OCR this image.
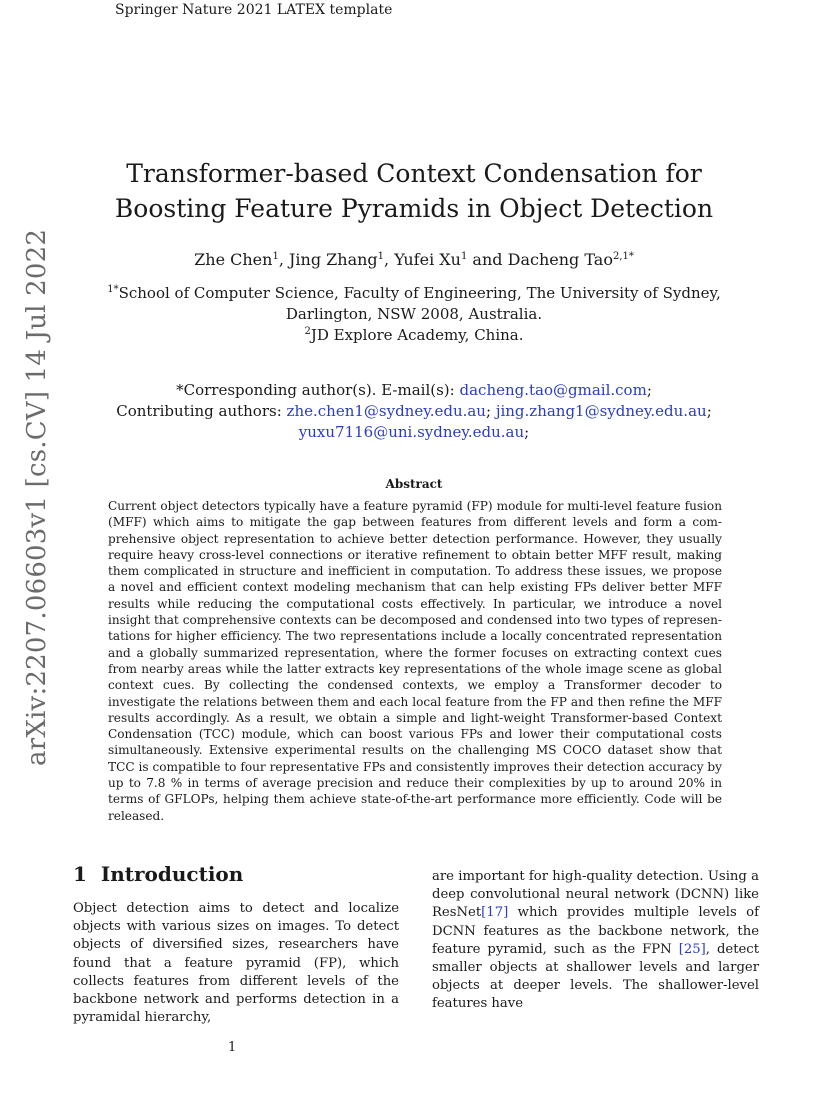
Springer Nature 2021 LATEX template
arXiv:2207.06603v1 [cs.CV] 14 Jul 2022
Transformer-based Context Condensation for Boosting Feature Pyramids in Object Detection
Zhe Chen$^1$, Jing Zhang$^1$, Yufei Xu$^1$ and Dacheng Tao$^{2,1*}$
$^{1*}$School of Computer Science, Faculty of Engineering, The University of Sydney,
Darlington, NSW 2008, Australia.
$^2$JD Explore Academy, China.
*Corresponding author(s). E-mail(s): dacheng.tao@gmail.com;
Contributing authors: zhe.chen1@sydney.edu.au; jing.zhang1@sydney.edu.au;
yuxu7116@uni.sydney.edu.au;
Abstract
Current object detectors typically have a feature pyramid (FP) module for multi-level feature fusion (MFF) which aims to mitigate the gap between features from different levels and form a comprehensive object representation to achieve better detection performance. However, they usually require heavy cross-level connections or iterative refinement to obtain better MFF result, making them complicated in structure and inefficient in computation. To address these issues, we propose a novel and efficient context modeling mechanism that can help existing FPs deliver better MFF results while reducing the computational costs effectively. In particular, we introduce a novel insight that comprehensive contexts can be decomposed and condensed into two types of representations for higher efficiency. The two representations include a locally concentrated representation and a globally summarized representation, where the former focuses on extracting context cues from nearby areas while the latter extracts key representations of the whole image scene as global context cues. By collecting the condensed contexts, we employ a Transformer decoder to investigate the relations between them and each local feature from the FP and then refine the MFF results accordingly. As a result, we obtain a simple and light-weight Transformer-based Context Condensation (TCC) module, which can boost various FPs and lower their computational costs simultaneously. Extensive experimental results on the challenging MS COCO dataset show that TCC is compatible to four representative FPs and consistently improves their detection accuracy by up to 7.8 % in terms of average precision and reduce their complexities by up to around 20% in terms of GFLOPs, helping them achieve state-of-the-art performance more efficiently. Code will be released.
1 Introduction
Object detection aims to detect and localize objects with various sizes on images. To detect objects of diversified sizes, researchers have found that a feature pyramid (FP), which collects features from different levels of the backbone network and performs detection in a pyramidal hierarchy,
are important for high-quality detection. Using a deep convolutional neural network (DCNN) like ResNet[17] which provides multiple levels of DCNN features as the backbone network, the feature pyramid, such as the FPN [25], detect smaller objects at shallower levels and larger objects at deeper levels. The shallower-level features have
1
